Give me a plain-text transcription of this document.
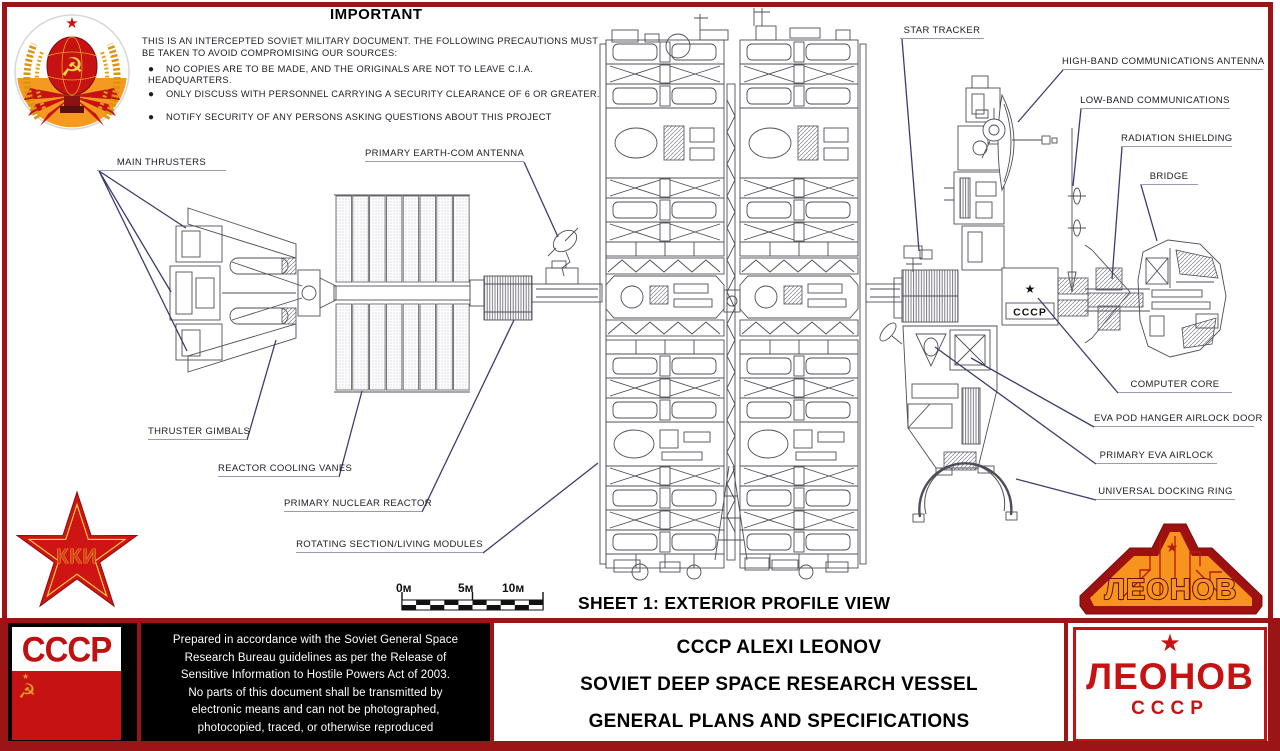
★
CCCP
☭
★
ККИ	★
ЛЕОНОВ
IMPORTANT
THIS IS AN INTERCEPTED SOVIET MILITARY DOCUMENT. THE FOLLOWING PRECAUTIONS MUST BE TAKEN TO AVOID COMPROMISING OUR SOURCES:
● NO COPIES ARE TO BE MADE, AND THE ORIGINALS ARE NOT TO LEAVE C.I.A. HEADQUARTERS.
● ONLY DISCUSS WITH PERSONNEL CARRYING A SECURITY CLEARANCE OF 6 OR GREATER.
● NOTIFY SECURITY OF ANY PERSONS ASKING QUESTIONS ABOUT THIS PROJECT
MAIN THRUSTERS
PRIMARY EARTH-COM ANTENNA
STAR TRACKER
HIGH-BAND COMMUNICATIONS ANTENNA
LOW-BAND COMMUNICATIONS
RADIATION SHIELDING
BRIDGE
COMPUTER CORE
EVA POD HANGER AIRLOCK DOOR
PRIMARY EVA AIRLOCK
UNIVERSAL DOCKING RING
THRUSTER GIMBALS
REACTOR COOLING VANES
PRIMARY NUCLEAR REACTOR
ROTATING SECTION/LIVING MODULES
0м	5м 10м
SHEET 1: EXTERIOR PROFILE VIEW
CCCP
★
☭
Prepared in accordance with the Soviet General Space
Research Bureau guidelines as per the Release of
Sensitive Information to Hostile Powers Act of 2003.
No parts of this document shall be transmitted by
electronic means and can not be photographed,
photocopied, traced, or otherwise reproduced
CCCP ALEXI LEONOV
SOVIET DEEP SPACE RESEARCH VESSEL
GENERAL PLANS AND SPECIFICATIONS
★
ЛЕОНОВ
CCCP
